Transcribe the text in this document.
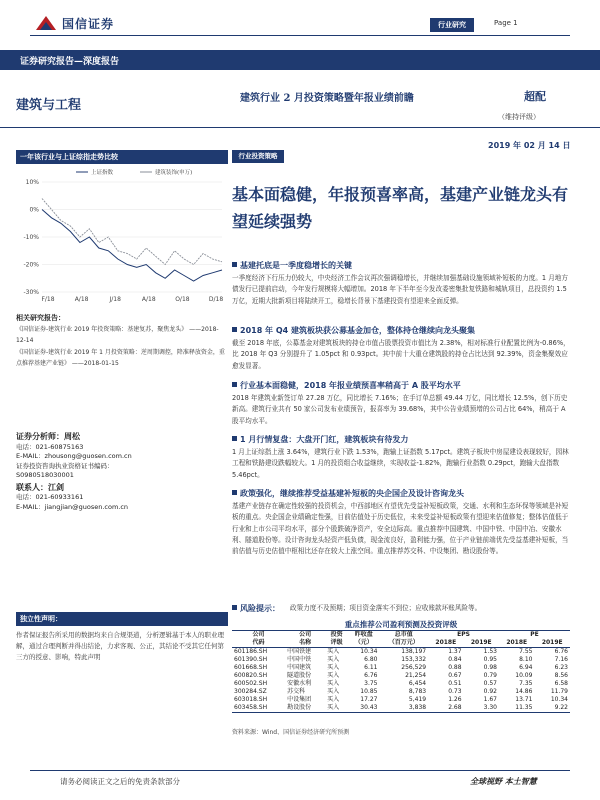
国信证券	行业研究	Page 1
证券研究报告—深度报告
建筑与工程	建筑行业 2 月投资策略暨年报业绩前瞻	超配
（维持评级）
2019 年 02 月 14 日
一年该行业与上证综指走势比较
10%
0%
-10%
-20%
-30%
F/18	A/18	J/18	A/18	O/18	D/18
上证指数	建筑装饰(申万)
相关研究报告：
《国信证券-建筑行业 2019 年投资策略：基建复苏，聚焦龙头》 ——2018-12-14
《国信证券-建筑行业 2019 年 1 月投资策略：逆周期调控，降准释放资金，重点推荐基建产业链》 ——2018-01-15
证券分析师：周松
电话：021-60875163
E-MAIL：zhousong@guosen.com.cn
证券投资咨询执业资格证书编码：
S0980518030001
联系人：江剑
电话：021-60933161
E-MAIL：jiangjian@guosen.com.cn
独立性声明：
作者保证报告所采用的数据均来自合规渠道，分析逻辑基于本人的职业理解，通过合理判断并得出结论，力求客观、公正，其结论不受其它任何第三方的授意、影响，特此声明
行业投资策略
基本面稳健，年报预喜率高，基建产业链龙头有望延续强势
基建托底是一季度稳增长的关键
一季度经济下行压力仍较大，中央经济工作会议再次强调稳增长，并继续加强基础设施领域补短板的力度。1 月地方债发行已提前启动，今年发行规模将大幅增加。2018 年下半年至今发改委密集批复铁路和城轨项目，总投资约 1.5 万亿，近期大批新项目将陆续开工，稳增长背景下基建投资有望迎来全面反弹。
2018 年 Q4 建筑板块获公募基金加仓，整体持仓继续向龙头聚集
截至 2018 年底，公募基金对建筑板块的持仓市值占股票投资市值比为 2.38%，相对标准行业配置比例为-0.86%，比 2018 年 Q3 分别提升了 1.05pct 和 0.93pct。其中前十大重仓建筑股的持仓占比达到 92.39%，资金集聚效应愈发显著。
行业基本面稳健，2018 年报业绩预喜率稍高于 A 股平均水平
2018 年建筑业新签订单 27.28 万亿，同比增长 7.16%；在手订单总额 49.44 万亿，同比增长 12.5%，创下历史新高。建筑行业共有 50 家公司发布业绩预告，报喜率为 39.68%，其中公告业绩预增的公司占比 64%，稍高于 A 股平均水平。
1 月行情复盘：大盘开门红，建筑板块有待发力
1 月上证综指上涨 3.64%，建筑行业下跌 1.53%，跑输上证指数 5.17pct。建筑子板块中房屋建设表现较好，园林工程和铁路建设跌幅较大。1 月的投资组合收益继续，实现收益-1.82%，跑输行业指数 0.29pct，跑输大盘指数 5.46pct。
政策强化，继续推荐受益基建补短板的央企国企及设计咨询龙头
基建产业链存在确定性较强的投资机会，中西部地区有望优先受益补短板政策，交通、水利和生态环保等领域是补短板的重点。央企国企业绩确定性强，目前估值处于历史低位，未来受益补短板政策有望迎来估值修复；整体估值低于行业和上市公司平均水平，部分个股跌破净资产，安全边际高。重点推荐中国建筑、中国中铁、中国中冶、安徽水利、隧道股份等。设计咨询龙头轻资产低负债，现金流良好，盈利能力强，位于产业链前端优先受益基建补短板，当前估值与历史估值中枢相比还存在较大上涨空间。重点推荐苏交科、中设集团、勘设股份等。
风险提示： 政策力度不及预期；项目资金落实不到位；应收账款坏账风险等。
重点推荐公司盈利预测及投资评级
公司	公司	投资	昨收盘	总市值	EPS		PE	
代码	名称	评级	（元）	（百万元）	2018E	2019E	2018E	2019E
601186.SH	中国铁建	买入	10.34	138,197	1.37	1.53	7.55	6.76
601390.SH	中国中铁	买入	6.80	153,332	0.84	0.95	8.10	7.16
601668.SH	中国建筑	买入	6.11	256,529	0.88	0.98	6.94	6.23
600820.SH	隧道股份	买入	6.76	21,254	0.67	0.79	10.09	8.56
600502.SH	安徽水利	买入	3.75	6,454	0.51	0.57	7.35	6.58
300284.SZ	苏交科	买入	10.85	8,783	0.73	0.92	14.86	11.79
603018.SH	中设集团	买入	17.27	5,419	1.26	1.67	13.71	10.34
603458.SH	勘设股份	买入	30.43	3,838	2.68	3.30	11.35	9.22
资料来源：Wind、国信证券经济研究所预测
请务必阅读正文之后的免责条款部分	全球视野 本土智慧
